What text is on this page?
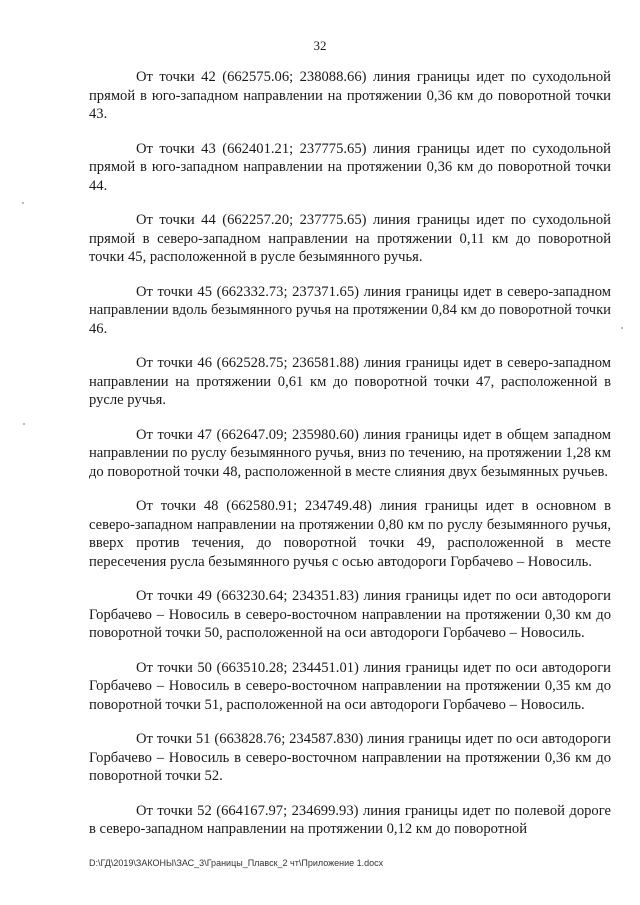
32

От точки 42 (662575.06; 238088.66) линия границы идет по суходольной прямой в юго-западном направлении на протяжении 0,36 км до поворотной точки 43.

От точки 43 (662401.21; 237775.65) линия границы идет по суходольной прямой в юго-западном направлении на протяжении 0,36 км до поворотной точки 44.

От точки 44 (662257.20; 237775.65) линия границы идет по суходольной прямой в северо-западном направлении на протяжении 0,11 км до поворотной точки 45, расположенной в русле безымянного ручья.

От точки 45 (662332.73; 237371.65) линия границы идет в северо-западном направлении вдоль безымянного ручья на протяжении 0,84 км до поворотной точки 46.

От точки 46 (662528.75; 236581.88) линия границы идет в северо-западном направлении на протяжении 0,61 км до поворотной точки 47, расположенной в русле ручья.

От точки 47 (662647.09; 235980.60) линия границы идет в общем западном направлении по руслу безымянного ручья, вниз по течению, на протяжении 1,28 км до поворотной точки 48, расположенной в месте слияния двух безымянных ручьев.

От точки 48 (662580.91; 234749.48) линия границы идет в основном в северо-западном направлении на протяжении 0,80 км по руслу безымянного ручья, вверх против течения, до поворотной точки 49, расположенной в месте пересечения русла безымянного ручья с осью автодороги Горбачево – Новосиль.

От точки 49 (663230.64; 234351.83) линия границы идет по оси автодороги Горбачево – Новосиль в северо-восточном направлении на протяжении 0,30 км до поворотной точки 50, расположенной на оси автодороги Горбачево – Новосиль.

От точки 50 (663510.28; 234451.01) линия границы идет по оси автодороги Горбачево – Новосиль в северо-восточном направлении на протяжении 0,35 км до поворотной точки 51, расположенной на оси автодороги Горбачево – Новосиль.

От точки 51 (663828.76; 234587.830) линия границы идет по оси автодороги Горбачево – Новосиль в северо-восточном направлении на протяжении 0,36 км до поворотной точки 52.

От точки 52 (664167.97; 234699.93) линия границы идет по полевой дороге в северо-западном направлении на протяжении 0,12 км до поворотной

D:\ГД\2019\ЗАКОНЫ\ЗАС_3\Границы_Плавск_2 чт\Приложение 1.docx
